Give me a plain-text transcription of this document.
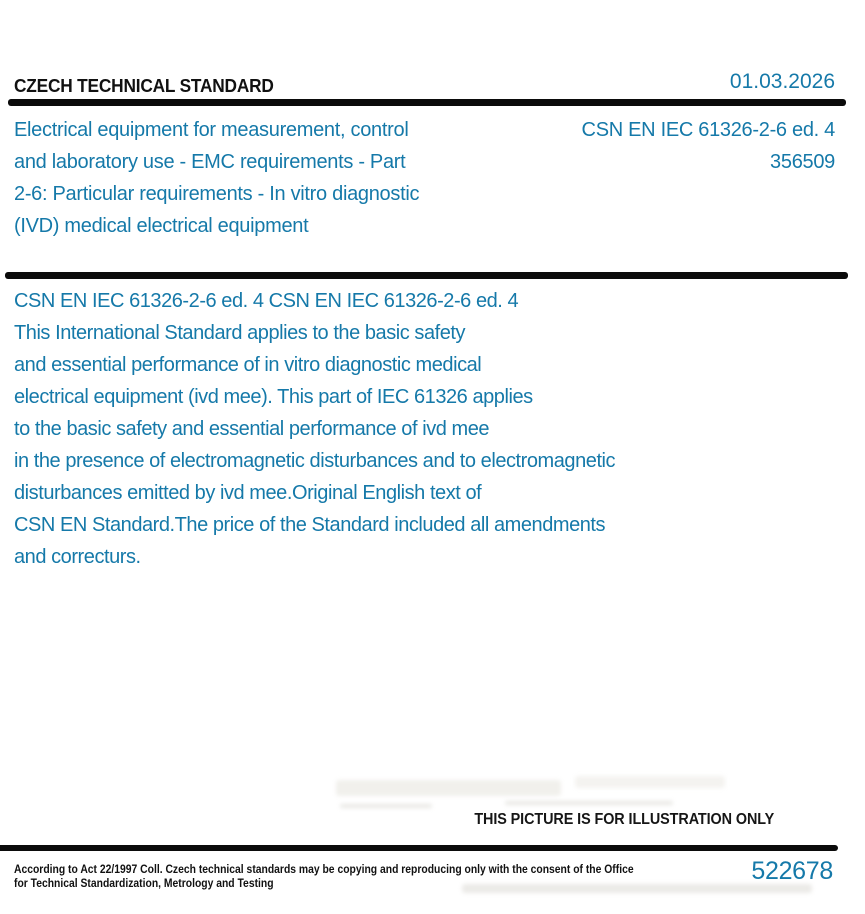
CZECH TECHNICAL STANDARD	01.03.2026
Electrical equipment for measurement, control
and laboratory use - EMC requirements - Part
2-6: Particular requirements - In vitro diagnostic
(IVD) medical electrical equipment
CSN EN IEC 61326-2-6 ed. 4
356509
CSN EN IEC 61326-2-6 ed. 4 CSN EN IEC 61326-2-6 ed. 4
This International Standard applies to the basic safety
and essential performance of in vitro diagnostic medical
electrical equipment (ivd mee). This part of IEC 61326 applies
to the basic safety and essential performance of ivd mee
in the presence of electromagnetic disturbances and to electromagnetic
disturbances emitted by ivd mee.Original English text of
CSN EN Standard.The price of the Standard included all amendments
and correcturs.
THIS PICTURE IS FOR ILLUSTRATION ONLY
According to Act 22/1997 Coll. Czech technical standards may be copying and reproducing only with the consent of the Office
for Technical Standardization, Metrology and Testing	522678
